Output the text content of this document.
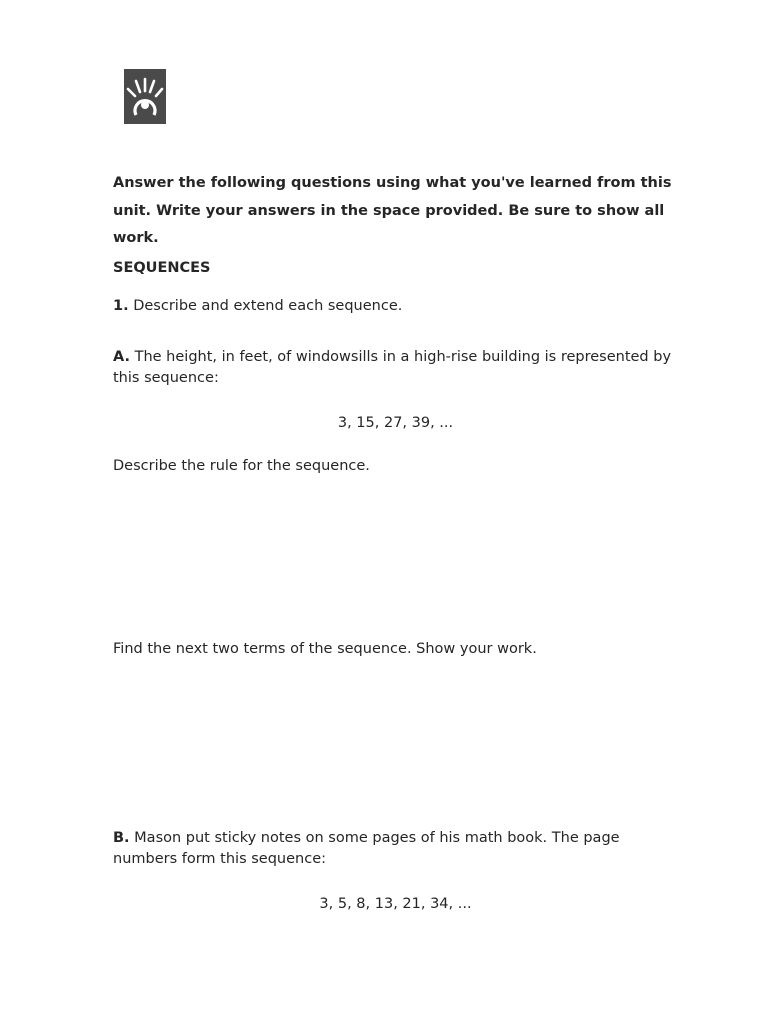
Answer the following questions using what you've learned from this unit. Write your answers in the space provided. Be sure to show all work.
SEQUENCES
1. Describe and extend each sequence.
A. The height, in feet, of windowsills in a high-rise building is represented by this sequence:
3, 15, 27, 39, ...
Describe the rule for the sequence.
Find the next two terms of the sequence. Show your work.
B. Mason put sticky notes on some pages of his math book. The page numbers form this sequence:
3, 5, 8, 13, 21, 34, ...
